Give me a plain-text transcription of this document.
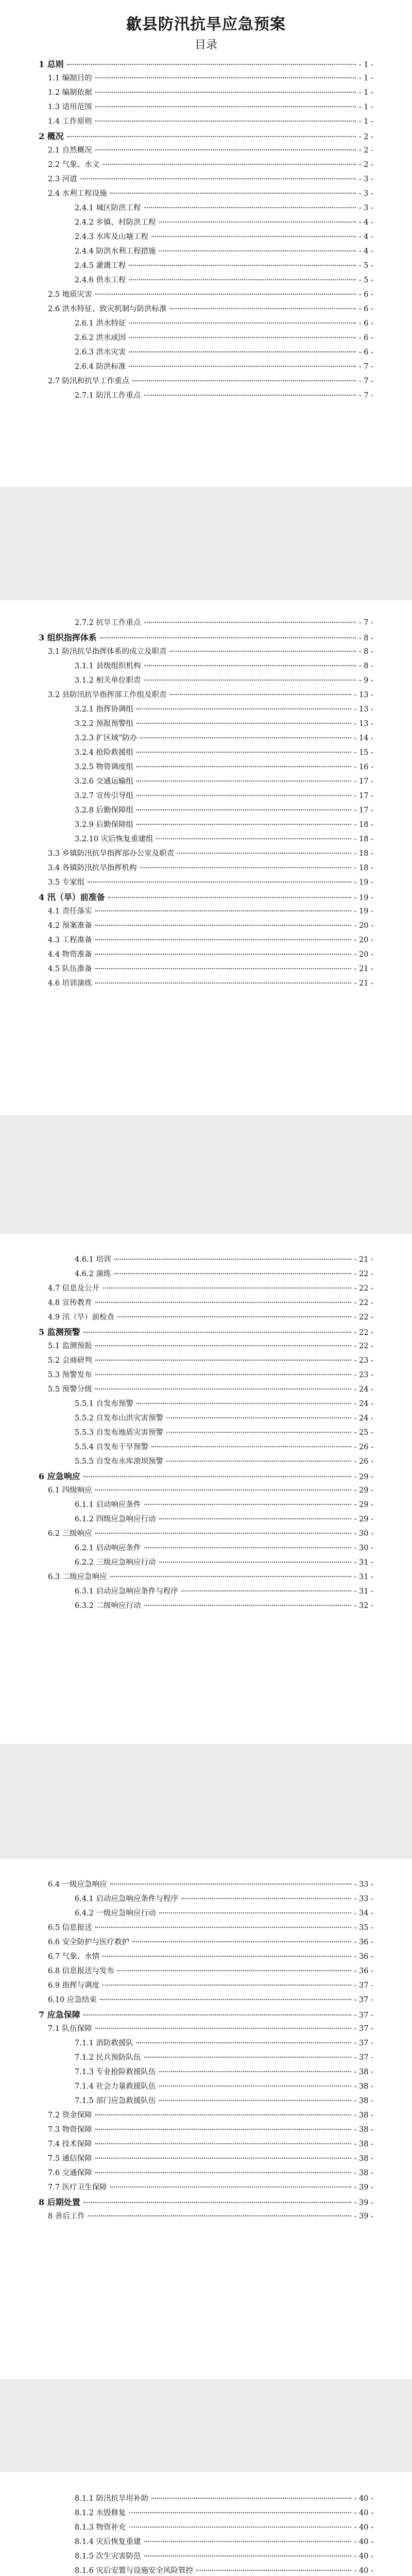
歙县防汛抗旱应急预案
目录
1 总则	- 1 -
1.1 编制目的	- 1 -
1.2 编制依据	- 1 -
1.3 适用范围	- 1 -
1.4 工作原则	- 1 -
2 概况	- 2 -
2.1 自然概况	- 2 -
2.2 气象、水文	- 2 -
2.3 河道	- 3 -
2.4 水利工程设施	- 3 -
2.4.1 城区防洪工程	- 3 -
2.4.2 乡镇、村防洪工程	- 4 -
2.4.3 水库及山塘工程	- 4 -
2.4.4 防洪水利工程措施	- 4 -
2.4.5 灌溉工程	- 5 -
2.4.6 供水工程	- 5 -
2.5 地质灾害	- 6 -
2.6 洪水特征、致灾机制与防洪标准	- 6 -
2.6.1 洪水特征	- 6 -
2.6.2 洪水成因	- 6 -
2.6.3 洪水灾害	- 6 -
2.6.4 防洪标准	- 7 -
2.7 防汛和抗旱工作重点	- 7 -
2.7.1 防汛工作重点	- 7 -
2.7.2 抗旱工作重点	- 7 -
3 组织指挥体系	- 8 -
3.1 防汛抗旱指挥体系的成立及职责	- 8 -
3.1.1 县级组织机构	- 8 -
3.1.2 相关单位职责	- 9 -
3.2 县防汛抗旱指挥部工作组及职责	- 13 -
3.2.1 指挥协调组	- 13 -
3.2.2 预报预警组	- 13 -
3.2.3 扩区域“防办	- 14 -
3.2.4 抢险救援组	- 15 -
3.2.5 物资调度组	- 16 -
3.2.6 交通运输组	- 17 -
3.2.7 宣传引导组	- 17 -
3.2.8 后勤保障组	- 17 -
3.2.9 后勤保障组	- 18 -
3.2.10 灾后恢复重建组	- 18 -
3.3 乡镇防汛抗旱指挥部办公室及职责	- 18 -
3.4 各镇防汛抗旱指挥机构	- 18 -
3.5 专家组	- 19 -
4 汛（旱）前准备	- 19 -
4.1 责任落实	- 19 -
4.2 预案准备	- 20 -
4.3 工程准备	- 20 -
4.4 物资准备	- 20 -
4.5 队伍准备	- 21 -
4.6 培训演练	- 21 -
4.6.1 培训	- 21 -
4.6.2 演练	- 22 -
4.7 信息及公开	- 22 -
4.8 宣传教育	- 22 -
4.9 汛（旱）前检查	- 22 -
5 监测预警	- 22 -
5.1 监测预报	- 22 -
5.2 会商研判	- 23 -
5.3 预警发布	- 23 -
5.5 预警分级	- 24 -
5.5.1 自发布预警	- 24 -
5.5.2 自发布山洪灾害预警	- 24 -
5.5.3 自发布地质灾害预警	- 25 -
5.5.4 自发布干旱预警	- 26 -
5.5.5 自发布水库溃坝预警	- 26 -
6 应急响应	- 29 -
6.1 四级响应	- 29 -
6.1.1 启动响应条件	- 29 -
6.1.2 四级应急响应行动	- 29 -
6.2 三级响应	- 30 -
6.2.1 启动响应条件	- 30 -
6.2.2 三级应急响应行动	- 31 -
6.3 二级应急响应	- 31 -
6.3.1 启动应急响应条件与程序	- 31 -
6.3.2 二级响应行动	- 32 -
6.4 一级应急响应	- 33 -
6.4.1 启动应急响应条件与程序	- 33 -
6.4.2 一级应急响应行动	- 34 -
6.5 信息报送	- 35 -
6.6 安全防护与医疗救护	- 36 -
6.7 气象、水情	- 36 -
6.8 信息报送与发布	- 36 -
6.9 指挥与调度	- 37 -
6.10 应急结束	- 37 -
7 应急保障	- 37 -
7.1 队伍保障	- 37 -
7.1.1 消防救援队	- 37 -
7.1.2 民兵预防队伍	- 37 -
7.1.3 专业抢险救援队伍	- 38 -
7.1.4 社会力量救援队伍	- 38 -
7.1.5 部门应急救援队伍	- 38 -
7.2 资金保障	- 38 -
7.3 物资保障	- 38 -
7.4 技术保障	- 38 -
7.5 通信保障	- 38 -
7.6 交通保障	- 38 -
7.7 医疗卫生保障	- 39 -
8 后期处置	- 39 -
8 善后工作	- 39 -
8.1.1 防汛抗旱用补助	- 40 -
8.1.2 水毁修复	- 40 -
8.1.3 物资补充	- 40 -
8.1.4 灾后恢复重建	- 40 -
8.1.5 次生灾害防范	- 40 -
8.1.6 灾后安置与设施安全风险管控	- 40 -
